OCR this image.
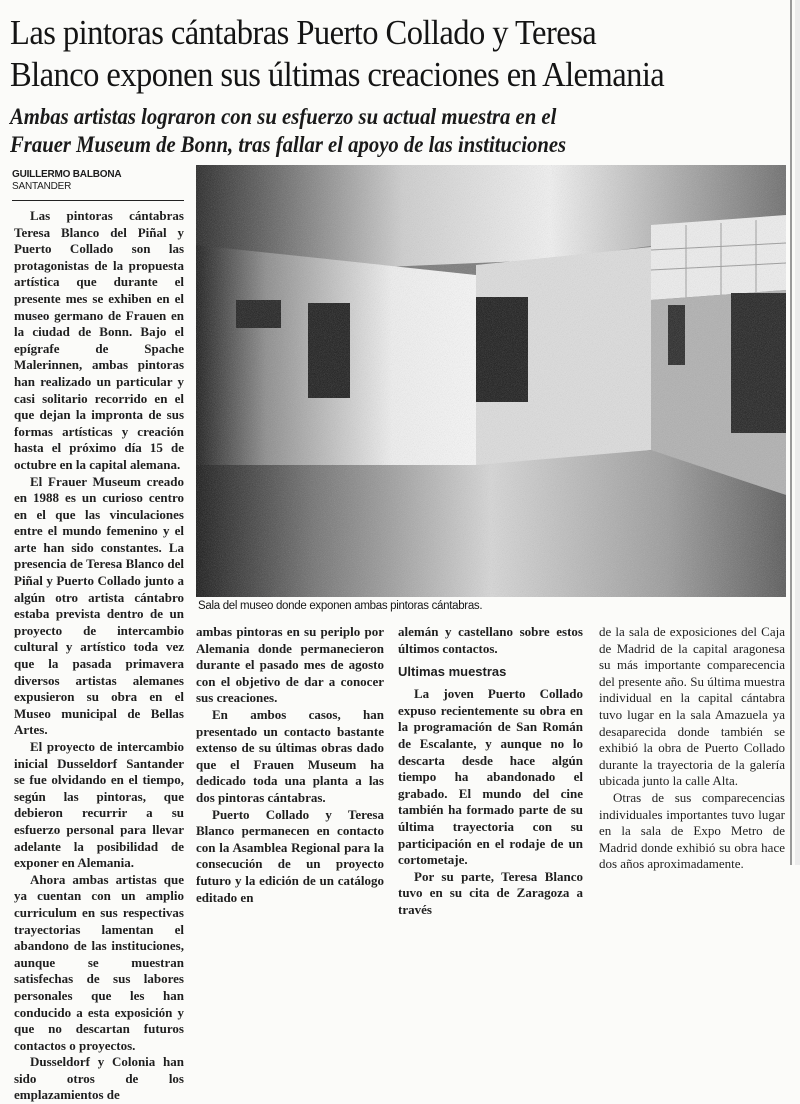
Las pintoras cántabras Puerto Collado y Teresa
Blanco exponen sus últimas creaciones en Alemania
Ambas artistas lograron con su esfuerzo su actual muestra en el
Frauer Museum de Bonn, tras fallar el apoyo de las instituciones
GUILLERMO BALBONA
SANTANDER

Las pintoras cántabras Teresa Blanco del Piñal y Puerto Collado son las protagonistas de la propuesta artística que durante el presente mes se exhiben en el museo germano de Frauen en la ciudad de Bonn. Bajo el epígrafe de Spache Malerinnen, ambas pintoras han realizado un particular y casi solitario recorrido en el que dejan la impronta de sus formas artísticas y creación hasta el próximo día 15 de octubre en la capital alemana.

El Frauer Museum creado en 1988 es un curioso centro en el que las vinculaciones entre el mundo femenino y el arte han sido constantes. La presencia de Teresa Blanco del Piñal y Puerto Collado junto a algún otro artista cántabro estaba prevista dentro de un proyecto de intercambio cultural y artístico toda vez que la pasada primavera diversos artistas alemanes expusieron su obra en el Museo municipal de Bellas Artes.

El proyecto de intercambio inicial Dusseldorf Santander se fue olvidando en el tiempo, según las pintoras, que debieron recurrir a su esfuerzo personal para llevar adelante la posibilidad de exponer en Alemania.

Ahora ambas artistas que ya cuentan con un amplio curriculum en sus respectivas trayectorias lamentan el abandono de las instituciones, aunque se muestran satisfechas de sus labores personales que les han conducido a esta exposición y que no descartan futuros contactos o proyectos.

Dusseldorf y Colonia han sido otros de los emplazamientos de

Sala del museo donde exponen ambas pintoras cántabras.

ambas pintoras en su periplo por Alemania donde permanecieron durante el pasado mes de agosto con el objetivo de dar a conocer sus creaciones.

En ambos casos, han presentado un contacto bastante extenso de su últimas obras dado que el Frauen Museum ha dedicado toda una planta a las dos pintoras cántabras.

Puerto Collado y Teresa Blanco permanecen en contacto con la Asamblea Regional para la consecución de un proyecto futuro y la edición de un catálogo editado en

alemán y castellano sobre estos últimos contactos.

Ultimas muestras

La joven Puerto Collado expuso recientemente su obra en la programación de San Román de Escalante, y aunque no lo descarta desde hace algún tiempo ha abandonado el grabado. El mundo del cine también ha formado parte de su última trayectoria con su participación en el rodaje de un cortometaje.

Por su parte, Teresa Blanco tuvo en su cita de Zaragoza a través

de la sala de exposiciones del Caja de Madrid de la capital aragonesa su más importante comparecencia del presente año. Su última muestra individual en la capital cántabra tuvo lugar en la sala Amazuela ya desaparecida donde también se exhibió la obra de Puerto Collado durante la trayectoria de la galería ubicada junto la calle Alta.

Otras de sus comparecencias individuales importantes tuvo lugar en la sala de Expo Metro de Madrid donde exhibió su obra hace dos años aproximadamente.
